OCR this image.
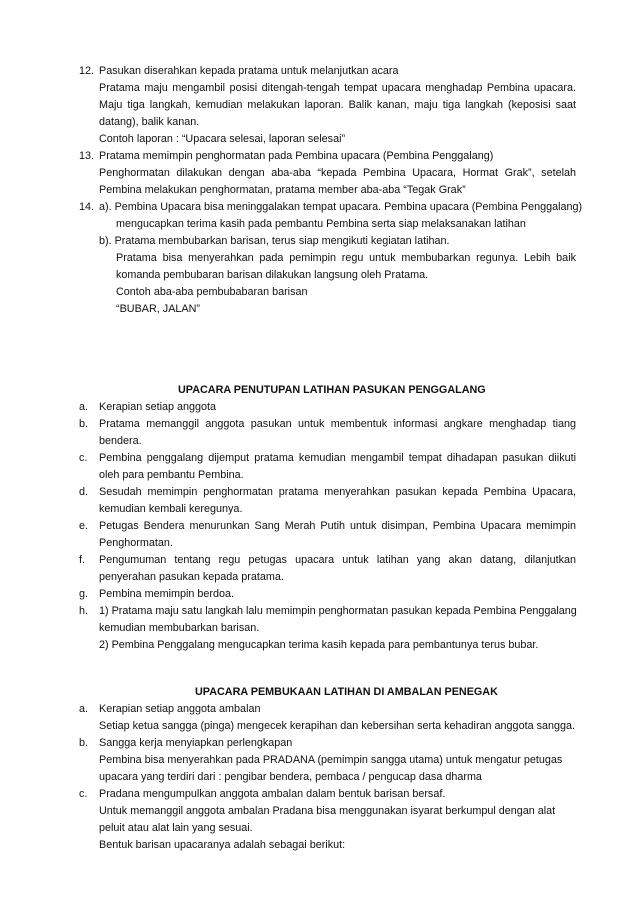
12. Pasukan diserahkan kepada pratama untuk melanjutkan acara
Pratama maju mengambil posisi ditengah-tengah tempat upacara menghadap Pembina upacara.
Maju tiga langkah, kemudian melakukan laporan. Balik kanan, maju tiga langkah (keposisi saat
datang), balik kanan.
Contoh laporan : “Upacara selesai, laporan selesai”
13. Pratama memimpin penghormatan pada Pembina upacara (Pembina Penggalang)
Penghormatan dilakukan dengan aba-aba “kepada Pembina Upacara, Hormat Grak”, setelah
Pembina melakukan penghormatan, pratama member aba-aba “Tegak Grak”
14. a). Pembina Upacara bisa meninggalakan tempat upacara. Pembina upacara (Pembina Penggalang)
mengucapkan terima kasih pada pembantu Pembina serta siap melaksanakan latihan
b). Pratama membubarkan barisan, terus siap mengikuti kegiatan latihan.
Pratama bisa menyerahkan pada pemimpin regu untuk membubarkan regunya. Lebih baik
komanda pembubaran barisan dilakukan langsung oleh Pratama.
Contoh aba-aba pembubabaran barisan
“BUBAR, JALAN”
UPACARA PENUTUPAN LATIHAN PASUKAN PENGGALANG
a. Kerapian setiap anggota
b. Pratama memanggil anggota pasukan untuk membentuk informasi angkare menghadap tiang
bendera.
c. Pembina penggalang dijemput pratama kemudian mengambil tempat dihadapan pasukan diikuti
oleh para pembantu Pembina.
d. Sesudah memimpin penghormatan pratama menyerahkan pasukan kepada Pembina Upacara,
kemudian kembali keregunya.
e. Petugas Bendera menurunkan Sang Merah Putih untuk disimpan, Pembina Upacara memimpin
Penghormatan.
f. Pengumuman tentang regu petugas upacara untuk latihan yang akan datang, dilanjutkan
penyerahan pasukan kepada pratama.
g. Pembina memimpin berdoa.
h. 1) Pratama maju satu langkah lalu memimpin penghormatan pasukan kepada Pembina Penggalang
kemudian membubarkan barisan.
2) Pembina Penggalang mengucapkan terima kasih kepada para pembantunya terus bubar.
UPACARA PEMBUKAAN LATIHAN DI AMBALAN PENEGAK
a. Kerapian setiap anggota ambalan
Setiap ketua sangga (pinga) mengecek kerapihan dan kebersihan serta kehadiran anggota sangga.
b. Sangga kerja menyiapkan perlengkapan
Pembina bisa menyerahkan pada PRADANA (pemimpin sangga utama) untuk mengatur petugas
upacara yang terdiri dari : pengibar bendera, pembaca / pengucap dasa dharma
c. Pradana mengumpulkan anggota ambalan dalam bentuk barisan bersaf.
Untuk memanggil anggota ambalan Pradana bisa menggunakan isyarat berkumpul dengan alat
peluit atau alat lain yang sesuai.
Bentuk barisan upacaranya adalah sebagai berikut:
